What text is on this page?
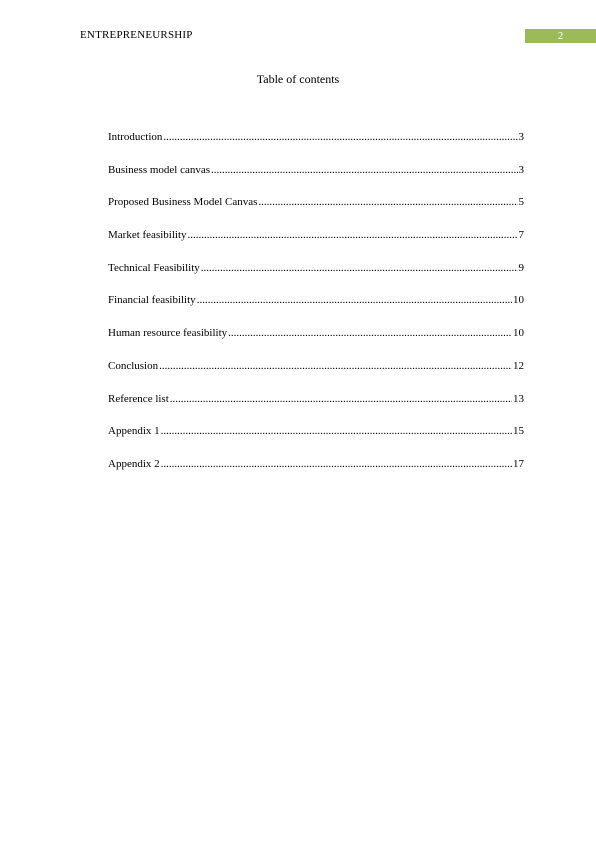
ENTREPRENEURSHIP	2
Table of contents
Introduction .....	3
Business model canvas .....	3
Proposed Business Model Canvas .....	5
Market feasibility .....	7
Technical Feasibility .....	9
Financial feasibility .....	10
Human resource feasibility .....	10
Conclusion .....	12
Reference list .....	13
Appendix 1 .....	15
Appendix 2 .....	17
